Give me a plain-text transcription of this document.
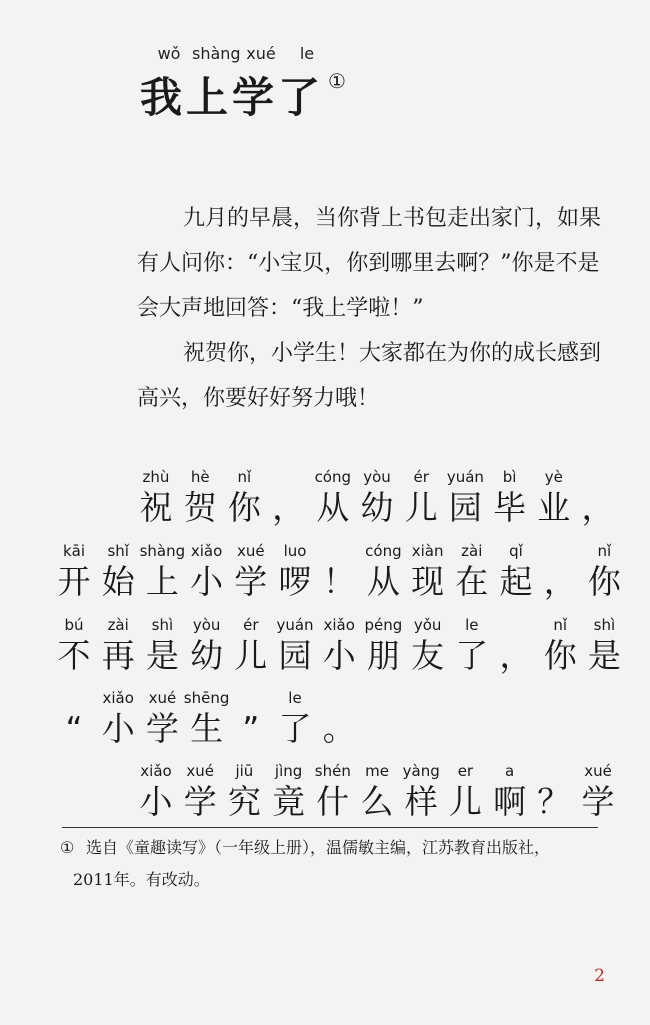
wǒ shàng xué	le
我上学了 ①

九月的早晨，当你背上书包走出家门，如果有人问你：“小宝贝，你到哪里去啊？”你是不是会大声地回答：“我上学啦！”

祝贺你，小学生！大家都在为你的成长感到高兴，你要好好努力哦！

zhù
祝
hè
贺
nǐ
你 ，
cóng
从
yòu
幼
ér
儿
yuán
园
bì
毕
yè
业 ，
kāi
开
shǐ
始
shàng
上
xiǎo
小
xué
学
luo
啰 ！
cóng
从
xiàn
现
zài
在
qǐ
起 ，
nǐ
你
bú
不
zài
再
shì
是
yòu
幼
ér
儿
yuán
园
xiǎo
小
péng
朋
yǒu
友
le
了 ，
nǐ
你
shì
是
“
xiǎo
小
xué
学
shēng
生 ”
le
了 。
xiǎo
小
xué
学
jiū
究
jìng
竟
shén
什
me
么
yàng
样
er
儿
a
啊 ？
xué
学
① 选自《童趣读写》（一年级上册），温儒敏主编，江苏教育出版社，
2011年。有改动。
2
